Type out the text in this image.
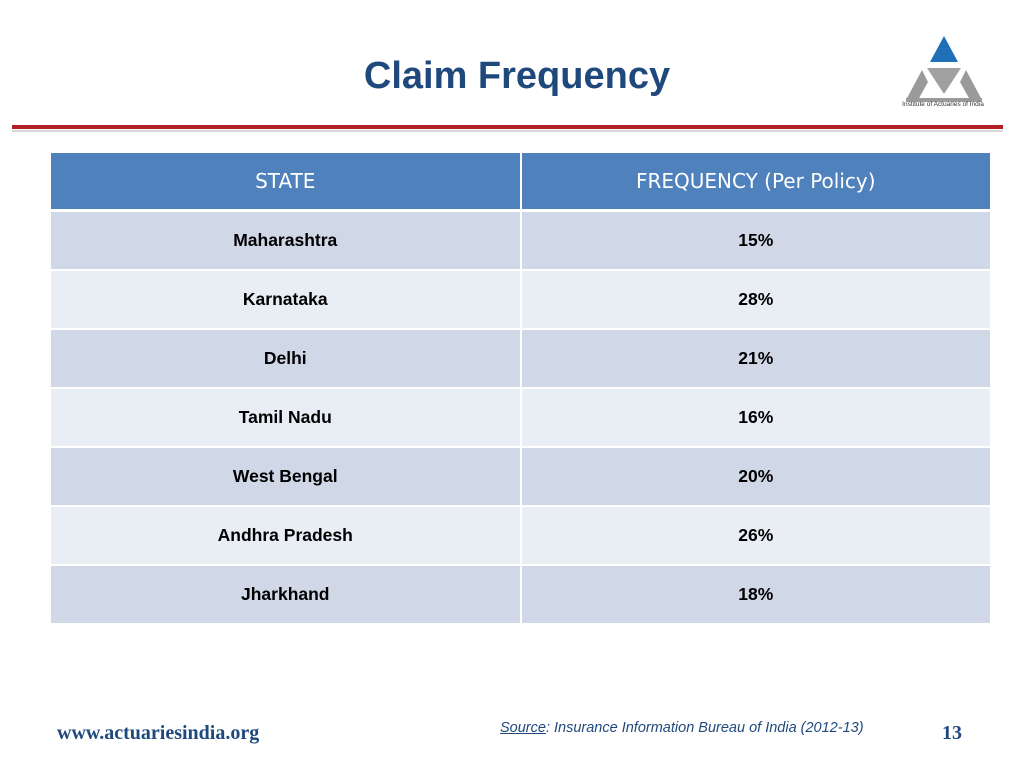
Claim Frequency
Institute of Actuaries of India
STATE	FREQUENCY (Per Policy)
Maharashtra	15%
Karnataka	28%
Delhi	21%
Tamil Nadu	16%
West Bengal	20%
Andhra Pradesh	26%
Jharkhand	18%
www.actuariesindia.org	Source: Insurance Information Bureau of India (2012-13)	13
